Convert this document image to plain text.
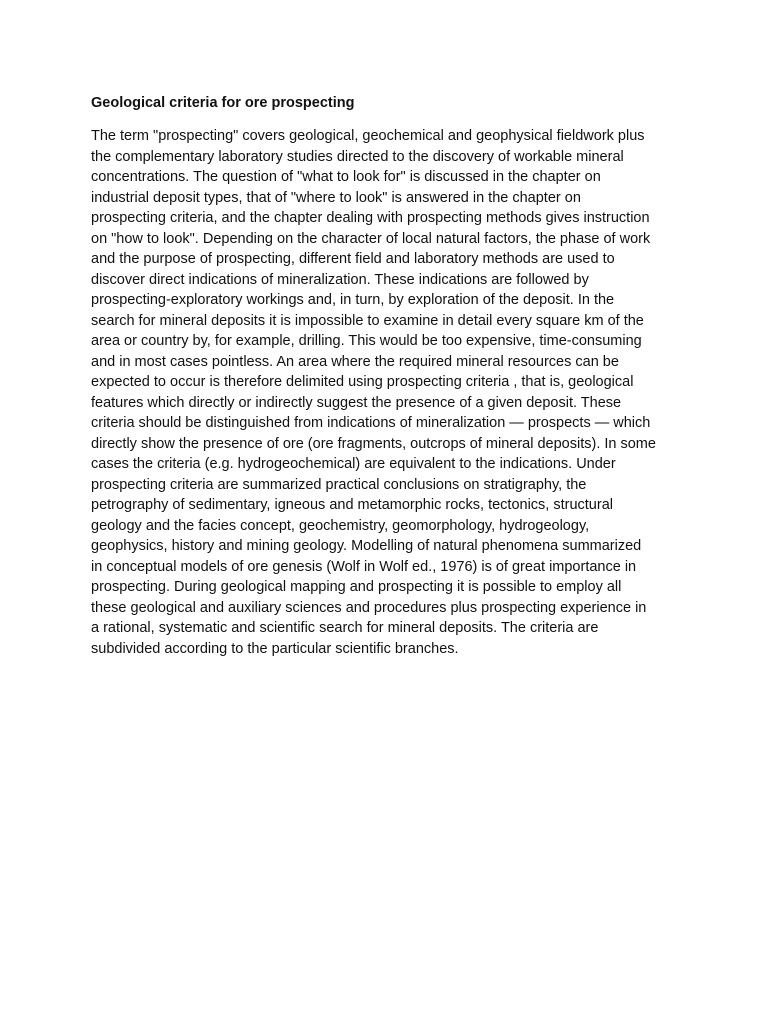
Geological criteria for ore prospecting

The term "prospecting" covers geological, geochemical and geophysical fieldwork plus
the complementary laboratory studies directed to the discovery of workable mineral
concentrations. The question of "what to look for" is discussed in the chapter on
industrial deposit types, that of "where to look" is answered in the chapter on
prospecting criteria, and the chapter dealing with prospecting methods gives instruction
on "how to look". Depending on the character of local natural factors, the phase of work
and the purpose of prospecting, different field and laboratory methods are used to
discover direct indications of mineralization. These indications are followed by
prospecting-exploratory workings and, in turn, by exploration of the deposit. In the
search for mineral deposits it is impossible to examine in detail every square km of the
area or country by, for example, drilling. This would be too expensive, time-consuming
and in most cases pointless. An area where the required mineral resources can be
expected to occur is therefore delimited using prospecting criteria , that is, geological
features which directly or indirectly suggest the presence of a given deposit. These
criteria should be distinguished from indications of mineralization — prospects — which
directly show the presence of ore (ore fragments, outcrops of mineral deposits). In some
cases the criteria (e.g. hydrogeochemical) are equivalent to the indications. Under
prospecting criteria are summarized practical conclusions on stratigraphy, the
petrography of sedimentary, igneous and metamorphic rocks, tectonics, structural
geology and the facies concept, geochemistry, geomorphology, hydrogeology,
geophysics, history and mining geology. Modelling of natural phenomena summarized
in conceptual models of ore genesis (Wolf in Wolf ed., 1976) is of great importance in
prospecting. During geological mapping and prospecting it is possible to employ all
these geological and auxiliary sciences and procedures plus prospecting experience in
a rational, systematic and scientific search for mineral deposits. The criteria are
subdivided according to the particular scientific branches.
